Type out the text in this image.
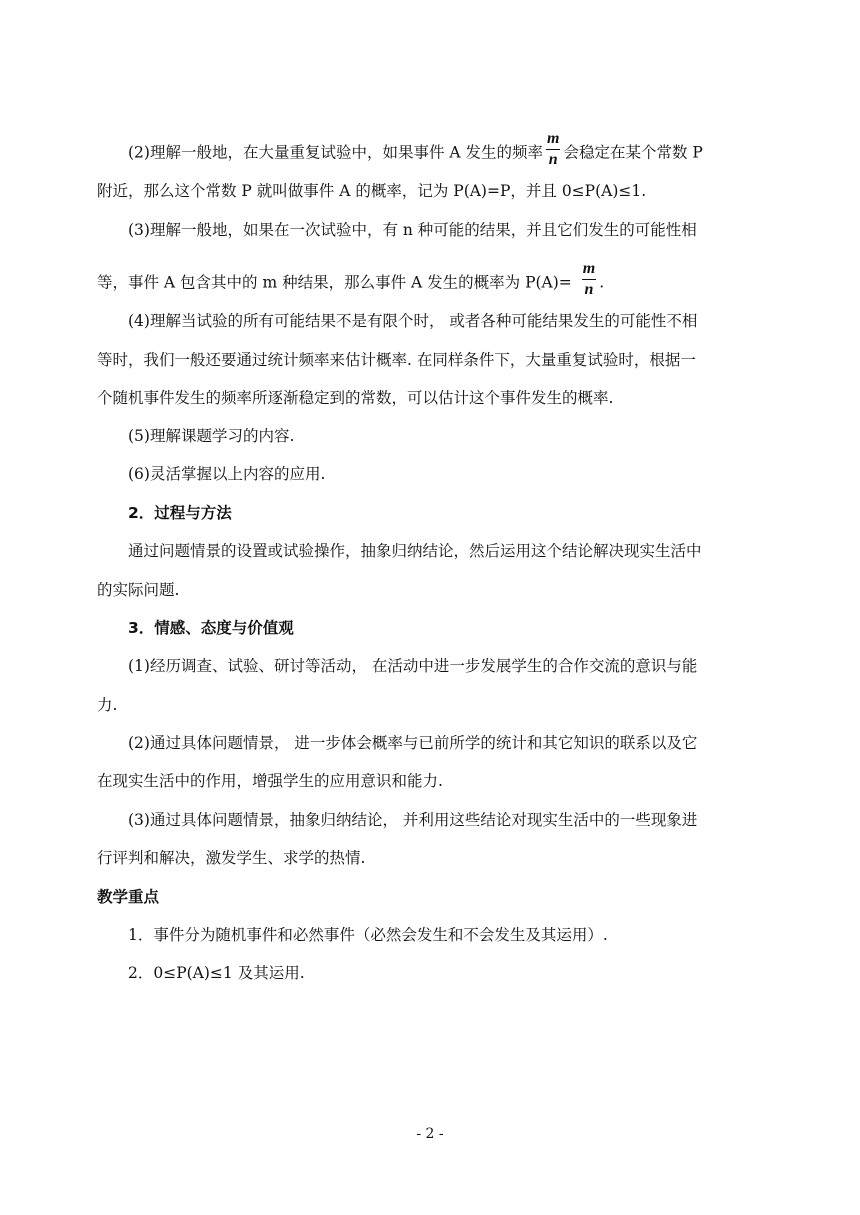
(2)理解一般地，在大量重复试验中，如果事件 A 发生的频率 $\frac{m}{n}$ 会稳定在某个常数 P
附近，那么这个常数 P 就叫做事件 A 的概率，记为 P(A)=P，并且 0≤P(A)≤1.
(3)理解一般地，如果在一次试验中，有 n 种可能的结果，并且它们发生的可能性相
等，事件 A 包含其中的 m 种结果，那么事件 A 发生的概率为 $P(A)= \frac{m}{n}$ .
(4)理解当试验的所有可能结果不是有限个时， 或者各种可能结果发生的可能性不相
等时，我们一般还要通过统计频率来估计概率. 在同样条件下，大量重复试验时，根据一
个随机事件发生的频率所逐渐稳定到的常数，可以估计这个事件发生的概率.
(5)理解课题学习的内容.
(6)灵活掌握以上内容的应用.
2．过程与方法
通过问题情景的设置或试验操作，抽象归纳结论，然后运用这个结论解决现实生活中
的实际问题.
3．情感、态度与价值观
(1)经历调查、试验、研讨等活动， 在活动中进一步发展学生的合作交流的意识与能
力.
(2)通过具体问题情景， 进一步体会概率与已前所学的统计和其它知识的联系以及它
在现实生活中的作用，增强学生的应用意识和能力.
(3)通过具体问题情景，抽象归纳结论， 并利用这些结论对现实生活中的一些现象进
行评判和解决，激发学生、求学的热情.
教学重点
1．事件分为随机事件和必然事件（必然会发生和不会发生及其运用）.
2．0≤P(A)≤1 及其运用.
- 2 -
